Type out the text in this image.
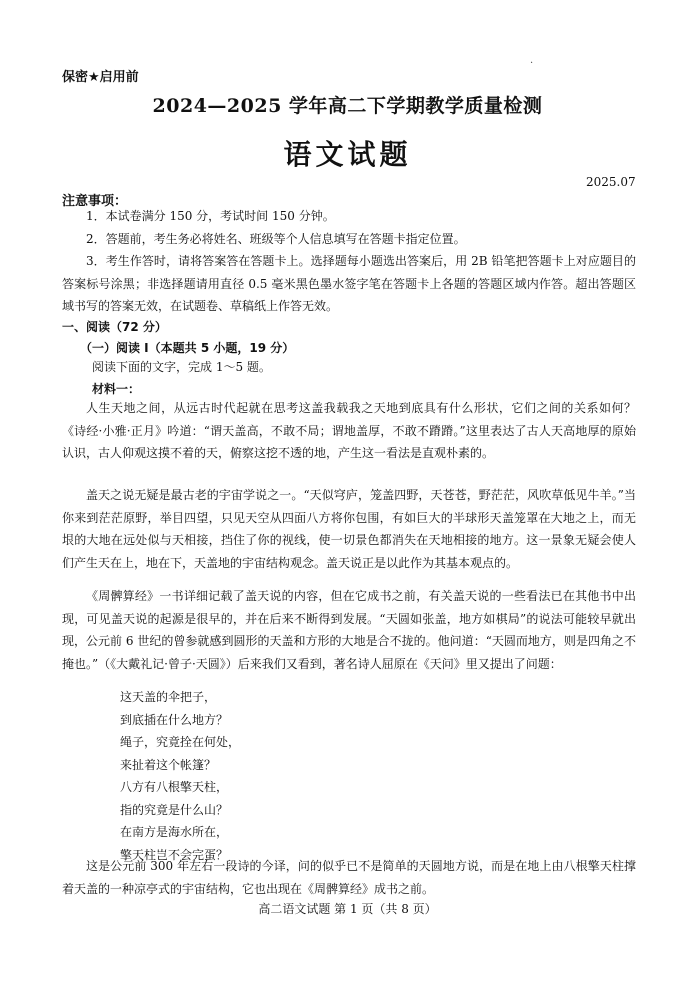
·
保密★启用前
2024—2025 学年高二下学期教学质量检测
语文试题
2025.07
注意事项：

1．本试卷满分 150 分，考试时间 150 分钟。

2．答题前，考生务必将姓名、班级等个人信息填写在答题卡指定位置。

3．考生作答时，请将答案答在答题卡上。选择题每小题选出答案后，用 2B 铅笔把答题卡上对应题目的答案标号涂黑；非选择题请用直径 0.5 毫米黑色墨水签字笔在答题卡上各题的答题区域内作答。超出答题区域书写的答案无效，在试题卷、草稿纸上作答无效。

一、阅读（72 分）
（一）阅读 I（本题共 5 小题，19 分）
阅读下面的文字，完成 1～5 题。
材料一：

人生天地之间，从远古时代起就在思考这盖我载我之天地到底具有什么形状，它们之间的关系如何？《诗经·小雅·正月》吟道：“谓天盖高，不敢不局；谓地盖厚，不敢不蹐蹐。”这里表达了古人天高地厚的原始认识，古人仰观这摸不着的天，俯察这挖不透的地，产生这一看法是直观朴素的。

盖天之说无疑是最古老的宇宙学说之一。“天似穹庐，笼盖四野，天苍苍，野茫茫，风吹草低见牛羊。”当你来到茫茫原野，举目四望，只见天空从四面八方将你包围，有如巨大的半球形天盖笼罩在大地之上，而无垠的大地在远处似与天相接，挡住了你的视线，使一切景色都消失在天地相接的地方。这一景象无疑会使人们产生天在上，地在下，天盖地的宇宙结构观念。盖天说正是以此作为其基本观点的。

《周髀算经》一书详细记载了盖天说的内容，但在它成书之前，有关盖天说的一些看法已在其他书中出现，可见盖天说的起源是很早的，并在后来不断得到发展。“天圆如张盖，地方如棋局”的说法可能较早就出现，公元前 6 世纪的曾参就感到圆形的天盖和方形的大地是合不拢的。他问道：“天圆而地方，则是四角之不掩也。”（《大戴礼记·曾子·天圆》）后来我们又看到，著名诗人屈原在《天问》里又提出了问题：

这天盖的伞把子，
到底插在什么地方？
绳子，究竟拴在何处，
来扯着这个帐篷？
八方有八根擎天柱，
指的究竟是什么山？
在南方是海水所在，
擎天柱岂不会完蛋？

这是公元前 300 年左右一段诗的今译，问的似乎已不是简单的天圆地方说，而是在地上由八根擎天柱撑着天盖的一种凉亭式的宇宙结构，它也出现在《周髀算经》成书之前。

高二语文试题 第 1 页（共 8 页）
